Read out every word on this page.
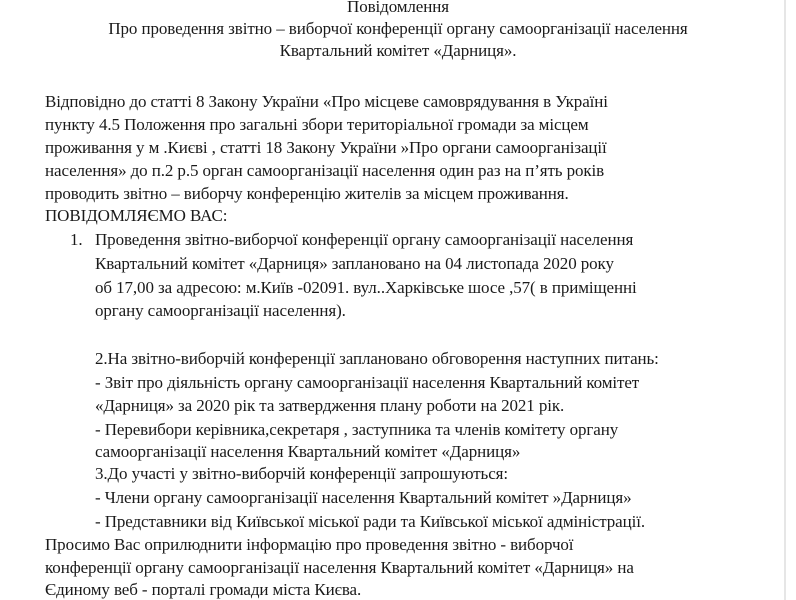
Повідомлення
Про проведення звітно – виборчої конференції органу самоорганізації населення
Квартальний комітет «Дарниця».
Відповідно до статті 8 Закону України «Про місцеве самоврядування в Україні
пункту 4.5 Положення про загальні збори територіальної громади за місцем
проживання у м .Києві , статті 18 Закону України »Про органи самоорганізації
населення» до п.2 р.5 орган самоорганізації населення один раз на п’ять років
проводить звітно – виборчу конференцію жителів за місцем проживання.
ПОВІДОМЛЯЄМО ВАС:
1. Проведення звітно-виборчої конференції органу самоорганізації населення
Квартальний комітет «Дарниця» заплановано на 04 листопада 2020 року
об 17,00 за адресою: м.Київ -02091. вул..Харківське шосе ,57( в приміщенні
органу самоорганізації населення).
2.На звітно-виборчій конференції заплановано обговорення наступних питань:
- Звіт про діяльність органу самоорганізації населення Квартальний комітет
«Дарниця» за 2020 рік та затвердження плану роботи на 2021 рік.
- Перевибори керівника,секретаря , заступника та членів комітету органу
самоорганізації населення Квартальний комітет «Дарниця»
3.До участі у звітно-виборчій конференції запрошуються:
- Члени органу самоорганізації населення Квартальний комітет »Дарниця»
- Представники від Київської міської ради та Київської міської адміністрації.
Просимо Вас оприлюднити інформацію про проведення звітно - виборчої
конференції органу самоорганізації населення Квартальний комітет «Дарниця» на
Єдиному веб - порталі громади міста Києва.
